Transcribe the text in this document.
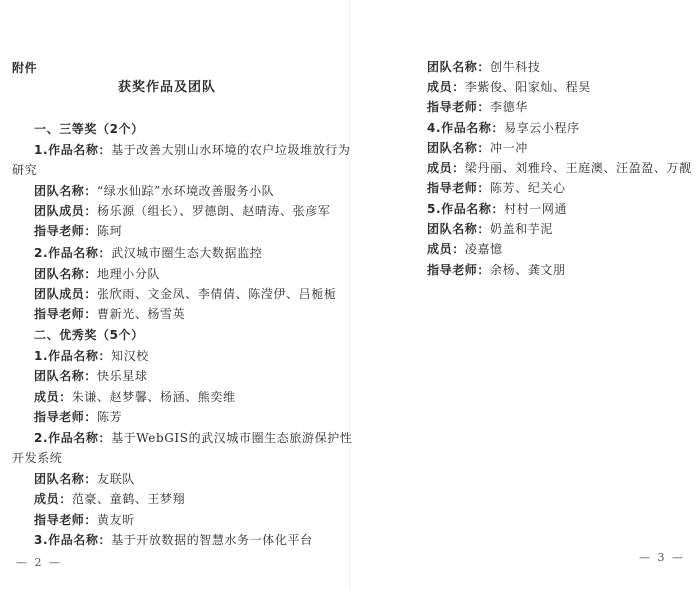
附件
获奖作品及团队
一、三等奖（2个）
1.作品名称：基于改善大别山水环境的农户垃圾堆放行为
研究
团队名称：“绿水仙踪”水环境改善服务小队
团队成员：杨乐源（组长）、罗德朗、赵晴涛、张彦军
指导老师：陈珂
2.作品名称：武汉城市圈生态大数据监控
团队名称：地理小分队
团队成员：张欣雨、文金凤、李倩倩、陈滢伊、吕栀栀
指导老师：曹新光、杨雪英
二、优秀奖（5个）
1.作品名称：知汉校
团队名称：快乐星球
成员：朱谦、赵梦馨、杨涵、熊奕维
指导老师：陈芳
2.作品名称：基于WebGIS的武汉城市圈生态旅游保护性
开发系统
团队名称：友联队
成员：范豪、童鹤、王梦翔
指导老师：黄友昕
3.作品名称：基于开放数据的智慧水务一体化平台
— 2 —
团队名称：创牛科技
成员：李紫俊、阳家灿、程昊
指导老师：李德华
4.作品名称：易享云小程序
团队名称：冲一冲
成员：梁丹丽、刘雅玲、王庭澳、汪盈盈、万靓
指导老师：陈芳、纪关心
5.作品名称：村村一网通
团队名称：奶盖和芋泥
成员：凌嘉憶
指导老师：余杨、龚文朋
— 3 —
